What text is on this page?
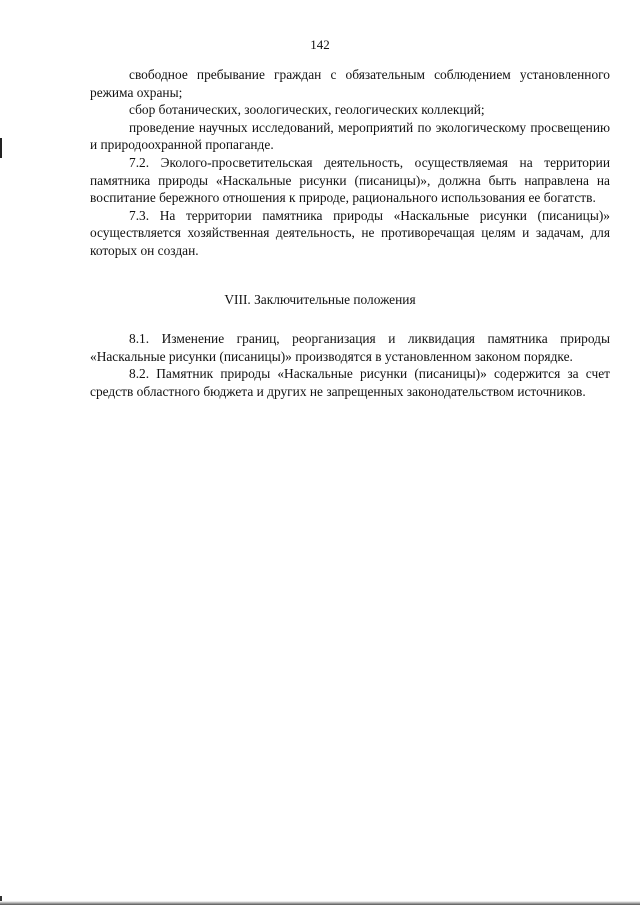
142

свободное пребывание граждан с обязательным соблюдением установленного режима охраны;

сбор ботанических, зоологических, геологических коллекций;

проведение научных исследований, мероприятий по экологическому просвещению и природоохранной пропаганде.

7.2. Эколого-просветительская деятельность, осуществляемая на территории памятника природы «Наскальные рисунки (писаницы)», должна быть направлена на воспитание бережного отношения к природе, рационального использования ее богатств.

7.3. На территории памятника природы «Наскальные рисунки (писаницы)» осуществляется хозяйственная деятельность, не противоречащая целям и задачам, для которых он создан.

VIII. Заключительные положения

8.1. Изменение границ, реорганизация и ликвидация памятника природы «Наскальные рисунки (писаницы)» производятся в установленном законом порядке.

8.2. Памятник природы «Наскальные рисунки (писаницы)» содержится за счет средств областного бюджета и других не запрещенных законодательством источников.
